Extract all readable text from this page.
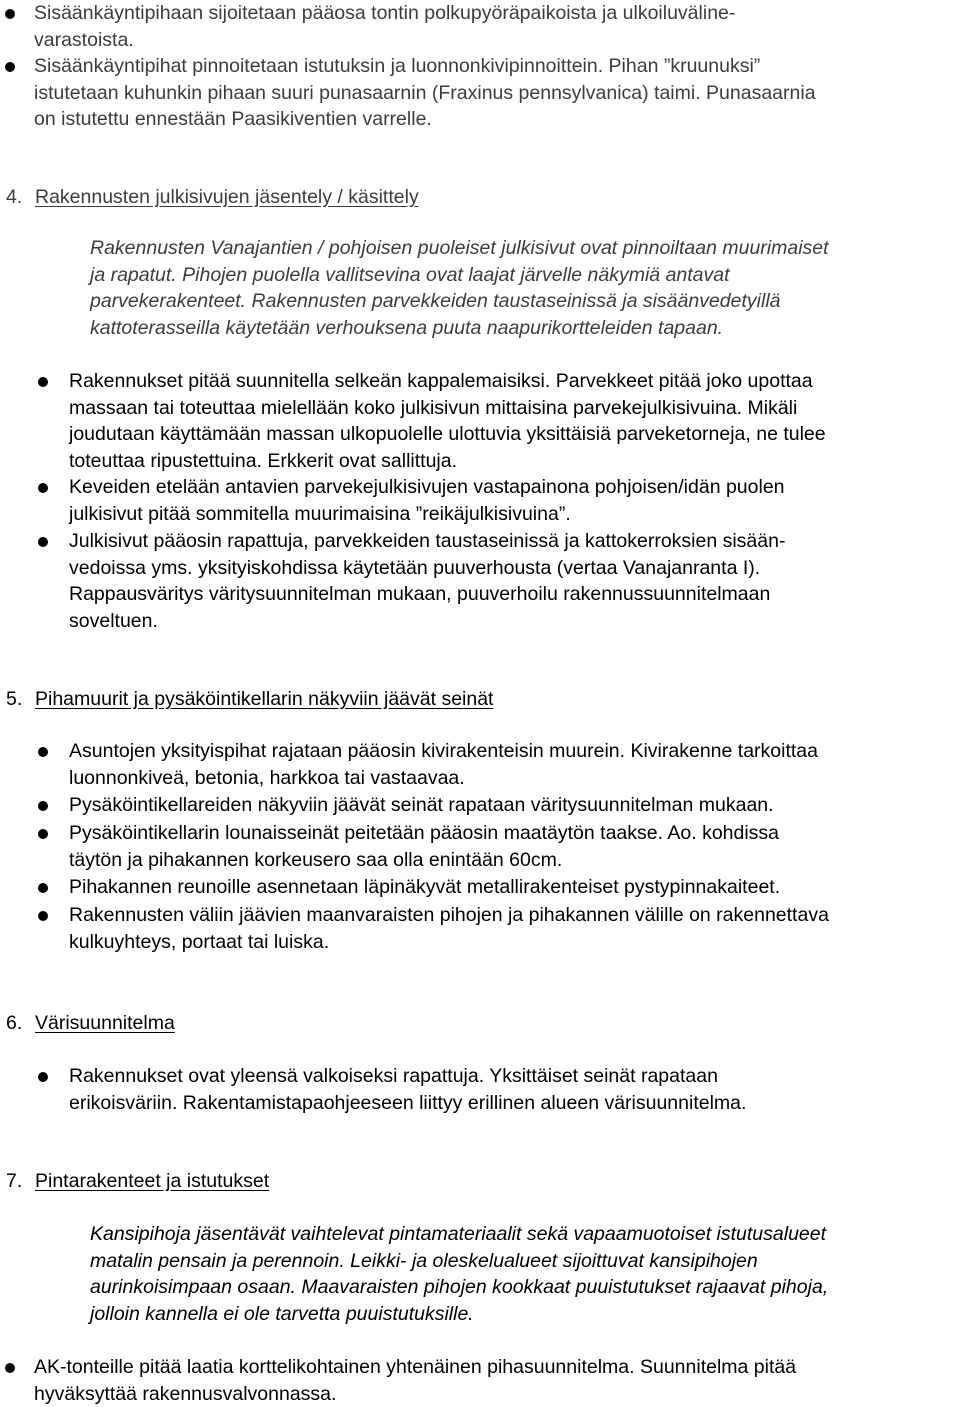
Sisäänkäyntipihaan sijoitetaan pääosa tontin polkupyöräpaikoista ja ulkoiluväline-
varastoista.
Sisäänkäyntipihat pinnoitetaan istutuksin ja luonnonkivipinnoittein. Pihan ”kruunuksi”
istutetaan kuhunkin pihaan suuri punasaarnin (Fraxinus pennsylvanica) taimi. Punasaarnia
on istutettu ennestään Paasikiventien varrelle.
4. Rakennusten julkisivujen jäsentely / käsittely
Rakennusten Vanajantien / pohjoisen puoleiset julkisivut ovat pinnoiltaan muurimaiset
ja rapatut. Pihojen puolella vallitsevina ovat laajat järvelle näkymiä antavat
parvekerakenteet. Rakennusten parvekkeiden taustaseinissä ja sisäänvedetyillä
kattoterasseilla käytetään verhouksena puuta naapurikortteleiden tapaan.
Rakennukset pitää suunnitella selkeän kappalemaisiksi. Parvekkeet pitää joko upottaa
massaan tai toteuttaa mielellään koko julkisivun mittaisina parvekejulkisivuina. Mikäli
joudutaan käyttämään massan ulkopuolelle ulottuvia yksittäisiä parveketorneja, ne tulee
toteuttaa ripustettuina. Erkkerit ovat sallittuja.
Keveiden etelään antavien parvekejulkisivujen vastapainona pohjoisen/idän puolen
julkisivut pitää sommitella muurimaisina ”reikäjulkisivuina”.
Julkisivut pääosin rapattuja, parvekkeiden taustaseinissä ja kattokerroksien sisään-
vedoissa yms. yksityiskohdissa käytetään puuverhousta (vertaa Vanajanranta I).
Rappausväritys väritysuunnitelman mukaan, puuverhoilu rakennussuunnitelmaan
soveltuen.
5. Pihamuurit ja pysäköintikellarin näkyviin jäävät seinät
Asuntojen yksityispihat rajataan pääosin kivirakenteisin muurein. Kivirakenne tarkoittaa
luonnonkiveä, betonia, harkkoa tai vastaavaa.
Pysäköintikellareiden näkyviin jäävät seinät rapataan väritysuunnitelman mukaan.
Pysäköintikellarin lounaisseinät peitetään pääosin maatäytön taakse. Ao. kohdissa
täytön ja pihakannen korkeusero saa olla enintään 60cm.
Pihakannen reunoille asennetaan läpinäkyvät metallirakenteiset pystypinnakaiteet.
Rakennusten väliin jäävien maanvaraisten pihojen ja pihakannen välille on rakennettava
kulkuyhteys, portaat tai luiska.
6. Värisuunnitelma
Rakennukset ovat yleensä valkoiseksi rapattuja. Yksittäiset seinät rapataan
erikoisväriin. Rakentamistapaohjeeseen liittyy erillinen alueen värisuunnitelma.
7. Pintarakenteet ja istutukset
Kansipihoja jäsentävät vaihtelevat pintamateriaalit sekä vapaamuotoiset istutusalueet
matalin pensain ja perennoin. Leikki- ja oleskelualueet sijoittuvat kansipihojen
aurinkoisimpaan osaan. Maavaraisten pihojen kookkaat puuistutukset rajaavat pihoja,
jolloin kannella ei ole tarvetta puuistutuksille.
AK-tonteille pitää laatia korttelikohtainen yhtenäinen pihasuunnitelma. Suunnitelma pitää
hyväksyttää rakennusvalvonnassa.
